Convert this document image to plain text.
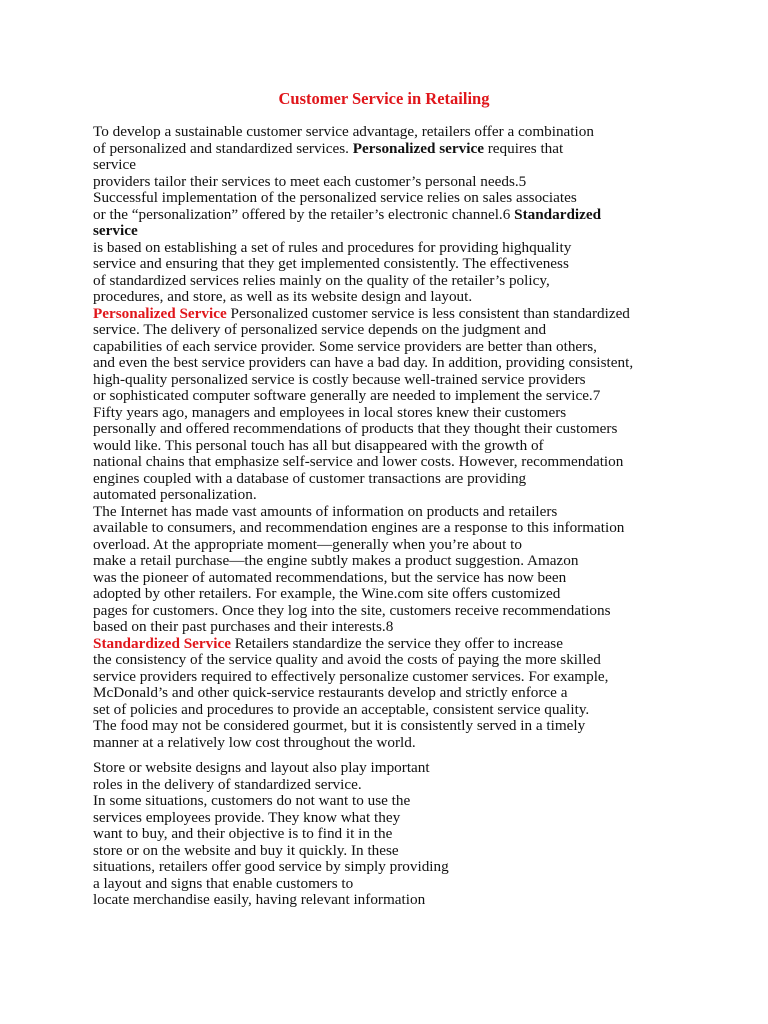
Customer Service in Retailing
To develop a sustainable customer service advantage, retailers offer a combination
of personalized and standardized services. Personalized service requires that
service
providers tailor their services to meet each customer’s personal needs.5
Successful implementation of the personalized service relies on sales associates
or the “personalization” offered by the retailer’s electronic channel.6 Standardized
service
is based on establishing a set of rules and procedures for providing highquality
service and ensuring that they get implemented consistently. The effectiveness
of standardized services relies mainly on the quality of the retailer’s policy,
procedures, and store, as well as its website design and layout.
Personalized Service Personalized customer service is less consistent than standardized
service. The delivery of personalized service depends on the judgment and
capabilities of each service provider. Some service providers are better than others,
and even the best service providers can have a bad day. In addition, providing consistent,
high-quality personalized service is costly because well-trained service providers
or sophisticated computer software generally are needed to implement the service.7
Fifty years ago, managers and employees in local stores knew their customers
personally and offered recommendations of products that they thought their customers
would like. This personal touch has all but disappeared with the growth of
national chains that emphasize self-service and lower costs. However, recommendation
engines coupled with a database of customer transactions are providing
automated personalization.
The Internet has made vast amounts of information on products and retailers
available to consumers, and recommendation engines are a response to this information
overload. At the appropriate moment—generally when you’re about to
make a retail purchase—the engine subtly makes a product suggestion. Amazon
was the pioneer of automated recommendations, but the service has now been
adopted by other retailers. For example, the Wine.com site offers customized
pages for customers. Once they log into the site, customers receive recommendations
based on their past purchases and their interests.8
Standardized Service Retailers standardize the service they offer to increase
the consistency of the service quality and avoid the costs of paying the more skilled
service providers required to effectively personalize customer services. For example,
McDonald’s and other quick-service restaurants develop and strictly enforce a
set of policies and procedures to provide an acceptable, consistent service quality.
The food may not be considered gourmet, but it is consistently served in a timely
manner at a relatively low cost throughout the world.
Store or website designs and layout also play important
roles in the delivery of standardized service.
In some situations, customers do not want to use the
services employees provide. They know what they
want to buy, and their objective is to find it in the
store or on the website and buy it quickly. In these
situations, retailers offer good service by simply providing
a layout and signs that enable customers to
locate merchandise easily, having relevant information
